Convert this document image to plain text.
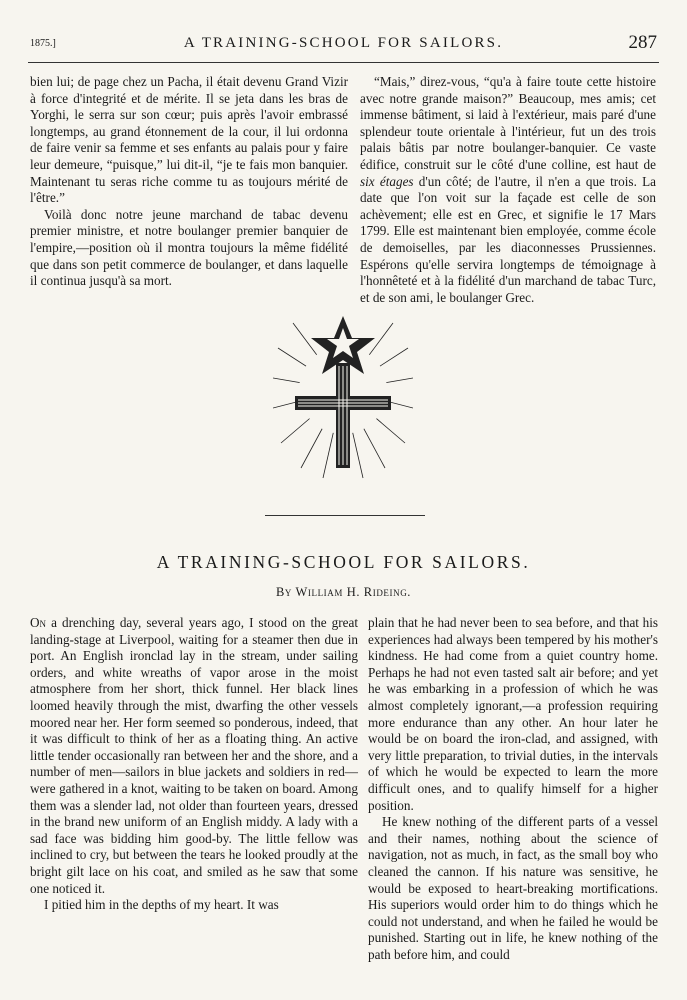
1875.]	A TRAINING-SCHOOL FOR SAILORS.	287

bien lui; de page chez un Pacha, il était devenu Grand Vizir à force d'integrité et de mérite. Il se jeta dans les bras de Yorghi, le serra sur son cœur; puis après l'avoir embrassé longtemps, au grand étonnement de la cour, il lui ordonna de faire venir sa femme et ses enfants au palais pour y faire leur demeure, “puisque,” lui dit-il, “je te fais mon banquier. Maintenant tu seras riche comme tu as toujours mérité de l'être.”

Voilà donc notre jeune marchand de tabac devenu premier ministre, et notre boulanger premier banquier de l'empire,—position où il montra toujours la même fidélité que dans son petit commerce de boulanger, et dans laquelle il continua jusqu'à sa mort.

“Mais,” direz-vous, “qu'a à faire toute cette histoire avec notre grande maison?” Beaucoup, mes amis; cet immense bâtiment, si laid à l'extérieur, mais paré d'une splendeur toute orientale à l'intérieur, fut un des trois palais bâtis par notre boulanger-banquier. Ce vaste édifice, construit sur le côté d'une colline, est haut de six étages d'un côté; de l'autre, il n'en a que trois. La date que l'on voit sur la façade est celle de son achèvement; elle est en Grec, et signifie le 17 Mars 1799. Elle est maintenant bien employée, comme école de demoiselles, par les diaconnesses Prussiennes. Espérons qu'elle servira longtemps de témoignage à l'honnêteté et à la fidélité d'un marchand de tabac Turc, et de son ami, le boulanger Grec.

A TRAINING-SCHOOL FOR SAILORS.
By William H. Rideing.

On a drenching day, several years ago, I stood on the great landing-stage at Liverpool, waiting for a steamer then due in port. An English ironclad lay in the stream, under sailing orders, and white wreaths of vapor arose in the moist atmosphere from her short, thick funnel. Her black lines loomed heavily through the mist, dwarfing the other vessels moored near her. Her form seemed so ponderous, indeed, that it was difficult to think of her as a floating thing. An active little tender occasionally ran between her and the shore, and a number of men—sailors in blue jackets and soldiers in red—were gathered in a knot, waiting to be taken on board. Among them was a slender lad, not older than fourteen years, dressed in the brand new uniform of an English middy. A lady with a sad face was bidding him good-by. The little fellow was inclined to cry, but between the tears he looked proudly at the bright gilt lace on his coat, and smiled as he saw that some one noticed it.

I pitied him in the depths of my heart. It was

plain that he had never been to sea before, and that his experiences had always been tempered by his mother's kindness. He had come from a quiet country home. Perhaps he had not even tasted salt air before; and yet he was embarking in a profession of which he was almost completely ignorant,—a profession requiring more endurance than any other. An hour later he would be on board the iron-clad, and assigned, with very little preparation, to trivial duties, in the intervals of which he would be expected to learn the more difficult ones, and to qualify himself for a higher position.

He knew nothing of the different parts of a vessel and their names, nothing about the science of navigation, not as much, in fact, as the small boy who cleaned the cannon. If his nature was sensitive, he would be exposed to heart-breaking mortifications. His superiors would order him to do things which he could not understand, and when he failed he would be punished. Starting out in life, he knew nothing of the path before him, and could
